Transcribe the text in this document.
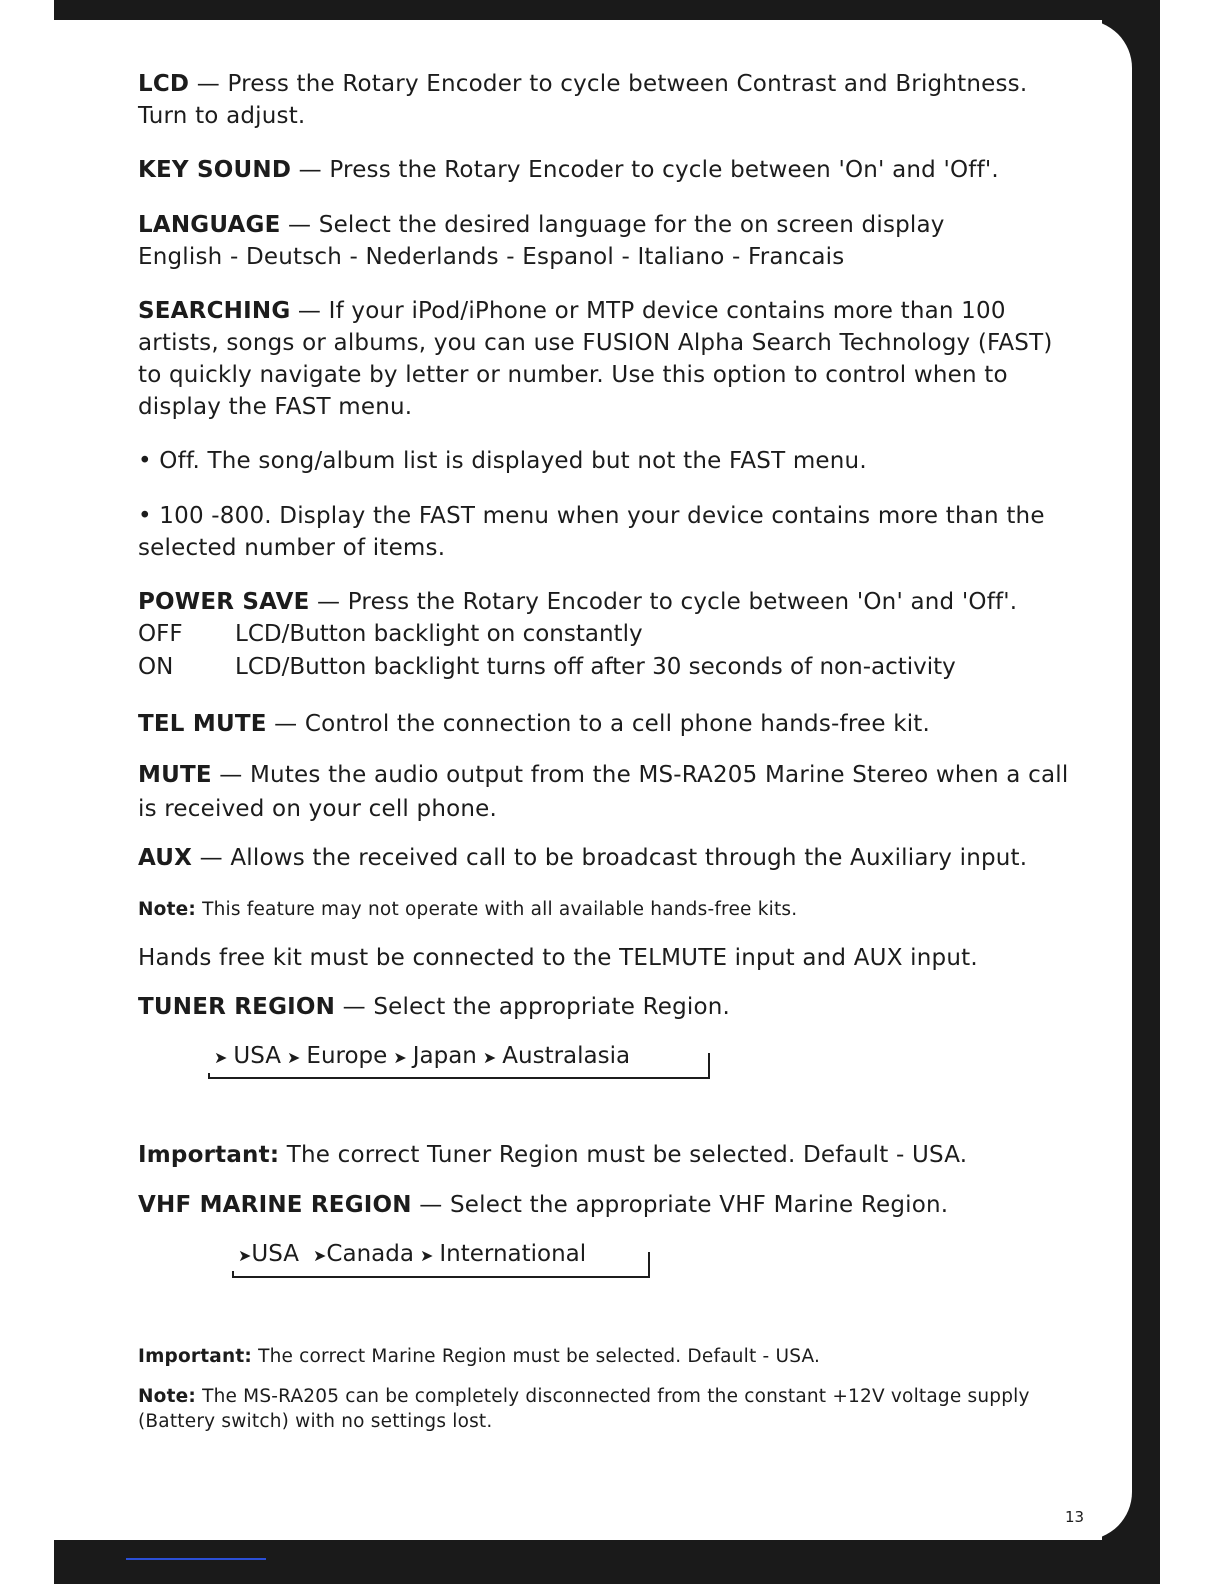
LCD — Press the Rotary Encoder to cycle between Contrast and Brightness. Turn to adjust.

KEY SOUND — Press the Rotary Encoder to cycle between 'On' and 'Off'.

LANGUAGE — Select the desired language for the on screen display

English - Deutsch - Nederlands - Espanol - Italiano - Francais

SEARCHING — If your iPod/iPhone or MTP device contains more than 100 artists, songs or albums, you can use FUSION Alpha Search Technology (FAST) to quickly navigate by letter or number. Use this option to control when to display the FAST menu.

• Off. The song/album list is displayed but not the FAST menu.

• 100 -800. Display the FAST menu when your device contains more than the selected number of items.

POWER SAVE — Press the Rotary Encoder to cycle between 'On' and 'Off'.

OFF LCD/Button backlight on constantly
ON	LCD/Button backlight turns off after 30 seconds of non-activity

TEL MUTE — Control the connection to a cell phone hands-free kit.

MUTE — Mutes the audio output from the MS-RA205 Marine Stereo when a call is received on your cell phone.

AUX — Allows the received call to be broadcast through the Auxiliary input.

Note: This feature may not operate with all available hands-free kits.

Hands free kit must be connected to the TELMUTE input and AUX input.

TUNER REGION — Select the appropriate Region.

➤ USA ➤ Europe ➤ Japan ➤ Australasia

Important: The correct Tuner Region must be selected. Default - USA.

VHF MARINE REGION — Select the appropriate VHF Marine Region.

➤USA ➤Canada ➤ International

Important: The correct Marine Region must be selected. Default - USA.

Note: The MS-RA205 can be completely disconnected from the constant +12V voltage supply (Battery switch) with no settings lost.

13
